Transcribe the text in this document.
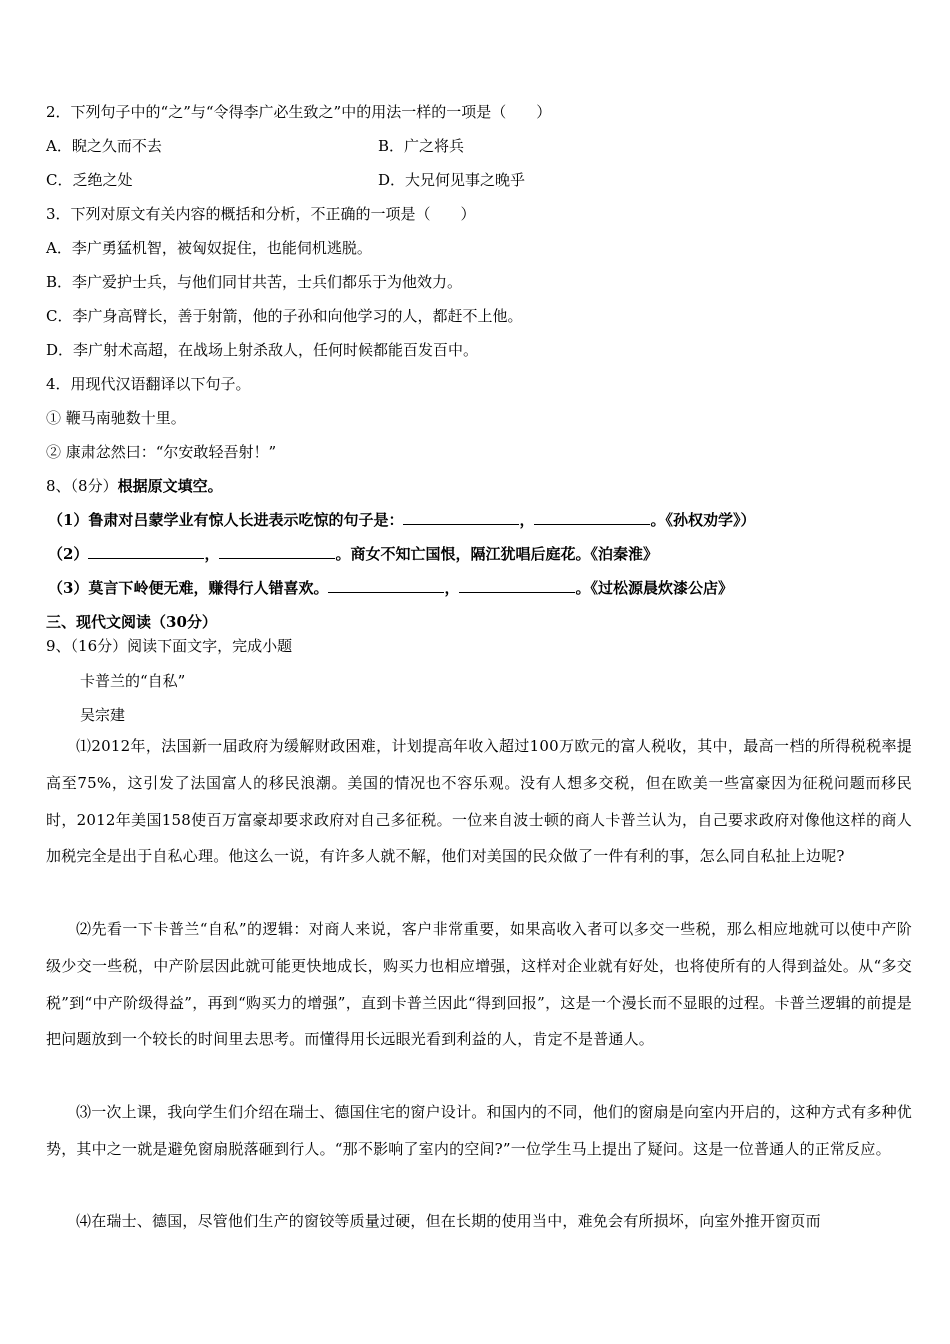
2．下列句子中的“之”与“令得李广必生致之”中的用法一样的一项是（　　）
A．睨之久而不去	B．广之将兵
C．乏绝之处	D．大兄何见事之晚乎
3．下列对原文有关内容的概括和分析，不正确的一项是（　　）
A．李广勇猛机智，被匈奴捉住，也能伺机逃脱。
B．李广爱护士兵，与他们同甘共苦，士兵们都乐于为他效力。
C．李广身高臂长，善于射箭，他的子孙和向他学习的人，都赶不上他。
D．李广射术高超，在战场上射杀敌人，任何时候都能百发百中。
4．用现代汉语翻译以下句子。
① 鞭马南驰数十里。
② 康肃忿然曰：“尔安敢轻吾射！”
8、（8分）根据原文填空。
（1）鲁肃对吕蒙学业有惊人长进表示吃惊的句子是：	，	。《孙权劝学》）
（2）	，	。商女不知亡国恨，隔江犹唱后庭花。《泊秦淮》
（3）莫言下岭便无难，赚得行人错喜欢。	，	。《过松源晨炊漆公店》
三、现代文阅读（30分）
9、（16分）阅读下面文字，完成小题
卡普兰的“自私”
吴宗建
⑴2012年，法国新一届政府为缓解财政困难，计划提高年收入超过100万欧元的富人税收，其中，最高一档的所得税税率提高至75%，这引发了法国富人的移民浪潮。美国的情况也不容乐观。没有人想多交税，但在欧美一些富豪因为征税问题而移民时，2012年美国158使百万富豪却要求政府对自己多征税。一位来自波士顿的商人卡普兰认为，自己要求政府对像他这样的商人加税完全是出于自私心理。他这么一说，有许多人就不解，他们对美国的民众做了一件有利的事，怎么同自私扯上边呢?
⑵先看一下卡普兰“自私”的逻辑：对商人来说，客户非常重要，如果高收入者可以多交一些税，那么相应地就可以使中产阶级少交一些税，中产阶层因此就可能更快地成长，购买力也相应增强，这样对企业就有好处，也将使所有的人得到益处。从“多交税”到“中产阶级得益”，再到“购买力的增强”，直到卡普兰因此“得到回报”，这是一个漫长而不显眼的过程。卡普兰逻辑的前提是把问题放到一个较长的时间里去思考。而懂得用长远眼光看到利益的人，肯定不是普通人。
⑶一次上课，我向学生们介绍在瑞士、德国住宅的窗户设计。和国内的不同，他们的窗扇是向室内开启的，这种方式有多种优势，其中之一就是避免窗扇脱落砸到行人。“那不影响了室内的空间?”一位学生马上提出了疑问。这是一位普通人的正常反应。
⑷在瑞士、德国，尽管他们生产的窗铰等质量过硬，但在长期的使用当中，难免会有所损坏，向室外推开窗页而
